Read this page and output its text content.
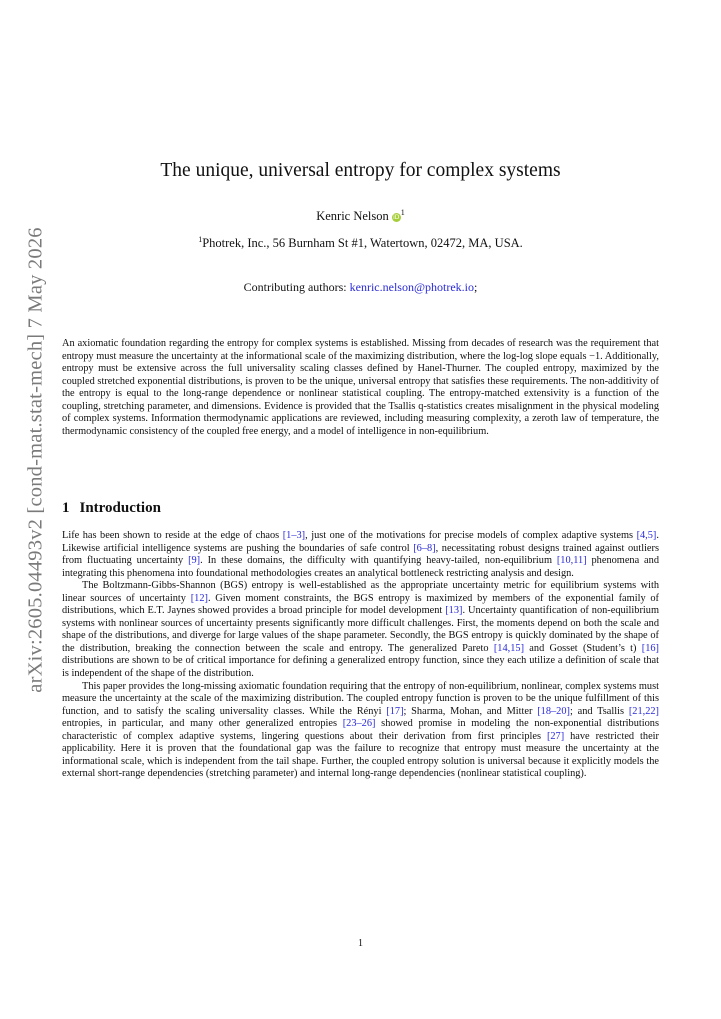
arXiv:2605.04493v2 [cond-mat.stat-mech] 7 May 2026
The unique, universal entropy for complex systems
Kenric Nelson $iD^1$
$^1$Photrek, Inc., 56 Burnham St #1, Watertown, 02472, MA, USA.
Contributing authors: kenric.nelson@photrek.io;
An axiomatic foundation regarding the entropy for complex systems is established. Missing from decades of research was the requirement that entropy must measure the uncertainty at the informational scale of the maximizing distribution, where the log-log slope equals −1. Additionally, entropy must be extensive across the full universality scaling classes defined by Hanel-Thurner. The coupled entropy, maximized by the coupled stretched exponential distributions, is proven to be the unique, universal entropy that satisfies these requirements. The non-additivity of the entropy is equal to the long-range dependence or nonlinear statistical coupling. The entropy-matched extensivity is a function of the coupling, stretching parameter, and dimensions. Evidence is provided that the Tsallis q-statistics creates misalignment in the physical modeling of complex systems. Information thermodynamic applications are reviewed, including measuring complexity, a zeroth law of temperature, the thermodynamic consistency of the coupled free energy, and a model of intelligence in non-equilibrium.
1 Introduction

Life has been shown to reside at the edge of chaos [1–3], just one of the motivations for precise models of complex adaptive systems [4,5]. Likewise artificial intelligence systems are pushing the boundaries of safe control [6–8], necessitating robust designs trained against outliers from fluctuating uncertainty [9]. In these domains, the difficulty with quantifying heavy-tailed, non-equilibrium [10,11] phenomena and integrating this phenomena into foundational methodologies creates an analytical bottleneck restricting analysis and design.

The Boltzmann-Gibbs-Shannon (BGS) entropy is well-established as the appropriate uncertainty metric for equilibrium systems with linear sources of uncertainty [12]. Given moment constraints, the BGS entropy is maximized by members of the exponential family of distributions, which E.T. Jaynes showed provides a broad principle for model development [13]. Uncertainty quantification of non-equilibrium systems with nonlinear sources of uncertainty presents significantly more difficult challenges. First, the moments depend on both the scale and shape of the distributions, and diverge for large values of the shape parameter. Secondly, the BGS entropy is quickly dominated by the shape of the distribution, breaking the connection between the scale and entropy. The generalized Pareto [14,15] and Gosset (Student’s t) [16] distributions are shown to be of critical importance for defining a generalized entropy function, since they each utilize a definition of scale that is independent of the shape of the distribution.

This paper provides the long-missing axiomatic foundation requiring that the entropy of non-equilibrium, nonlinear, complex systems must measure the uncertainty at the scale of the maximizing distribution. The coupled entropy function is proven to be the unique fulfillment of this function, and to satisfy the scaling universality classes. While the Rényi [17]; Sharma, Mohan, and Mitter [18–20]; and Tsallis [21,22] entropies, in particular, and many other generalized entropies [23–26] showed promise in modeling the non-exponential distributions characteristic of complex adaptive systems, lingering questions about their derivation from first principles [27] have restricted their applicability. Here it is proven that the foundational gap was the failure to recognize that entropy must measure the uncertainty at the informational scale, which is independent from the tail shape. Further, the coupled entropy solution is universal because it explicitly models the external short-range dependencies (stretching parameter) and internal long-range dependencies (nonlinear statistical coupling).

1
